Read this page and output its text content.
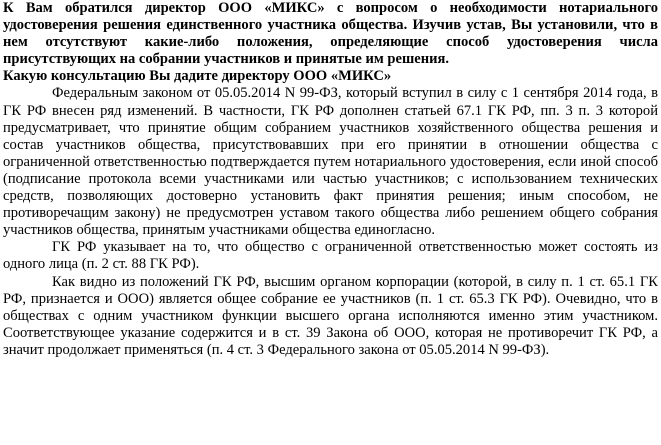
К Вам обратился директор ООО «МИКС» с вопросом о необходимости нотариального удостоверения решения единственного участника общества. Изучив устав, Вы установили, что в нем отсутствуют какие-либо положения, определяющие способ удостоверения числа присутствующих на собрании участников и принятые им решения.

Какую консультацию Вы дадите директору ООО «МИКС»

Федеральным законом от 05.05.2014 N 99-ФЗ, который вступил в силу с 1 сентября 2014 года, в ГК РФ внесен ряд изменений. В частности, ГК РФ дополнен статьей 67.1 ГК РФ, пп. 3 п. 3 которой предусматривает, что принятие общим собранием участников хозяйственного общества решения и состав участников общества, присутствовавших при его принятии в отношении общества с ограниченной ответственностью подтверждается путем нотариального удостоверения, если иной способ (подписание протокола всеми участниками или частью участников; с использованием технических средств, позволяющих достоверно установить факт принятия решения; иным способом, не противоречащим закону) не предусмотрен уставом такого общества либо решением общего собрания участников общества, принятым участниками общества единогласно.

ГК РФ указывает на то, что общество с ограниченной ответственностью может состоять из одного лица (п. 2 ст. 88 ГК РФ).

Как видно из положений ГК РФ, высшим органом корпорации (которой, в силу п. 1 ст. 65.1 ГК РФ, признается и ООО) является общее собрание ее участников (п. 1 ст. 65.3 ГК РФ). Очевидно, что в обществах с одним участником функции высшего органа исполняются именно этим участником. Соответствующее указание содержится и в ст. 39 Закона об ООО, которая не противоречит ГК РФ, а значит продолжает применяться (п. 4 ст. 3 Федерального закона от 05.05.2014 N 99-ФЗ).
